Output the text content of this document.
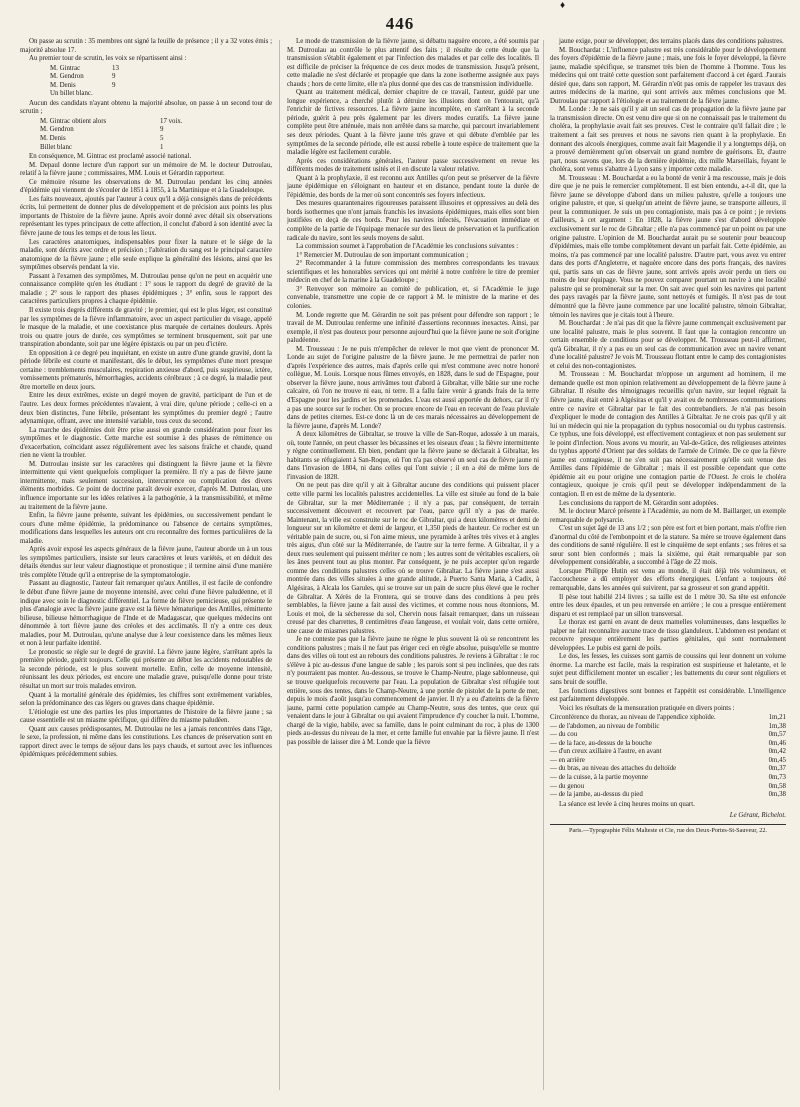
♦
446

On passe au scrutin : 35 membres ont signé la feuille de présence ; il y a 32 votes émis ; majorité absolue 17.

Au premier tour de scrutin, les voix se répartissent ainsi :

M. Gintrac	13
M. Gendron	9
M. Denis	9
Un billet blanc.

Aucun des candidats n'ayant obtenu la majorité absolue, on passe à un second tour de scrutin ;

M. Gintrac obtient alors	17 voix.
M. Gendron	9
M. Denis	5
Billet blanc	1

En conséquence, M. Gintrac est proclamé associé national.

M. Depaul donne lecture d'un rapport sur un mémoire de M. le docteur Dutroulau, relatif à la fièvre jaune ; commissaires, MM. Louis et Gérardin rapporteur.

Ce mémoire résume les observations de M. Dutroulau pendant les cinq années d'épidémie qui viennent de s'écouler de 1851 à 1855, à la Martinique et à la Guadeloupe.

Les faits nouveaux, ajoutés par l'auteur à ceux qu'il a déjà consignés dans de précédents écrits, lui permettent de donner plus de développement et de précision aux points les plus importants de l'histoire de la fièvre jaune. Après avoir donné avec détail six observations représentant les types principaux de cette affection, il conclut d'abord à son identité avec la fièvre jaune de tous les temps et de tous les lieux.

Les caractères anatomiques, indispensables pour fixer la nature et le siége de la maladie, sont décrits avec ordre et précision ; l'altération du sang est le principal caractère anatomique de la fièvre jaune ; elle seule explique la généralité des lésions, ainsi que les symptômes observés pendant la vie.

Passant à l'examen des symptômes, M. Dutroulau pense qu'on ne peut en acquérir une connaissance complète qu'en les étudiant : 1° sous le rapport du degré de gravité de la maladie ; 2° sous le rapport des phases épidémiques ; 3° enfin, sous le rapport des caractères particuliers propres à chaque épidémie.

Il existe trois degrés différents de gravité ; le premier, qui est le plus léger, est constitué par les symptômes de la fièvre inflammatoire, avec un aspect particulier du visage, appelé le masque de la maladie, et une coexistance plus marquée de certaines douleurs. Après trois ou quatre jours de durée, ces symptômes se terminent brusquement, soit par une transpiration abondante, soit par une légère épistaxis ou par un peu d'ictère.

En opposition à ce degré peu inquiétant, en existe un autre d'une grande gravité, dont la période fébrile est courte et manifestant, dès le début, les symptômes d'une mort presque certaine : tremblements musculaires, respiration anxieuse d'abord, puis suspirieuse, ictère, vomissements prématurés, hémorrhagies, accidents cérébraux ; à ce degré, la maladie peut être mortelle en deux jours.

Entre les deux extrêmes, existe un degré moyen de gravité, participant de l'un et de l'autre. Les deux formes précédentes n'avaient, à vrai dire, qu'une période ; celle-ci en a deux bien distinctes, l'une fébrile, présentant les symptômes du premier degré ; l'autre adynamique, offrant, avec une intensité variable, tous ceux du second.

La marche des épidémies doit être prise aussi en grande considération pour fixer les symptômes et le diagnostic. Cette marche est soumise à des phases de rémittence ou d'exacerbation, coïncidant assez régulièrement avec les saisons fraîche et chaude, quand rien ne vient la troubler.

M. Dutroulau insiste sur les caractères qui distinguent la fièvre jaune et la fièvre intermittente qui vient quelquefois compliquer la première. Il n'y a pas de fièvre jaune intermittente, mais seulement succession, intercurrence ou complication des divers éléments morbides. Ce point de doctrine paraît devoir exercer, d'après M. Dutroulau, une influence importante sur les idées relatives à la pathogénie, à la transmissibilité, et même au traitement de la fièvre jaune.

Enfin, la fièvre jaune présente, suivant les épidémies, ou successivement pendant le cours d'une même épidémie, la prédominance ou l'absence de certains symptômes, modifications dans lesquelles les auteurs ont cru reconnaître des formes particulières de la maladie.

Après avoir exposé les aspects généraux de la fièvre jaune, l'auteur aborde un à un tous les symptômes particuliers, insiste sur leurs caractères et leurs variétés, et en déduit des détails étendus sur leur valeur diagnostique et pronostique ; il termine ainsi d'une manière très complète l'étude qu'il a entreprise de la symptomatologie.

Passant au diagnostic, l'auteur fait remarquer qu'aux Antilles, il est facile de confondre le début d'une fièvre jaune de moyenne intensité, avec celui d'une fièvre paludéenne, et il indique avec soin le diagnostic différentiel. La forme de fièvre pernicieuse, qui présente le plus d'analogie avec la fièvre jaune grave est la fièvre hématurique des Antilles, rémittente bilieuse, bilieuse hémorrhagique de l'Inde et de Madagascar, que quelques médecins ont dénommée à tort fièvre jaune des créoles et des acclimatés. Il n'y a entre ces deux maladies, pour M. Dutroulau, qu'une analyse due à leur coexistence dans les mêmes lieux et non à leur parfaite identité.

Le pronostic se règle sur le degré de gravité. La fièvre jaune légère, s'arrêtant après la première période, guérit toujours. Celle qui présente au début les accidents redoutables de la seconde période, est le plus souvent mortelle. Enfin, celle de moyenne intensité, réunissant les deux périodes, est encore une maladie grave, puisqu'elle donne pour triste résultat un mort sur trois malades environ.

Quant à la mortalité générale des épidémies, les chiffres sont extrêmement variables, selon la prédominance des cas légers ou graves dans chaque épidémie.

L'étiologie est une des parties les plus importantes de l'histoire de la fièvre jaune ; sa cause essentielle est un miasme spécifique, qui diffère du miasme paludéen.

Quant aux causes prédisposantes, M. Dutroulau ne les a jamais rencontrées dans l'âge, le sexe, la profession, ni même dans les constitutions. Les chances de préservation sont en rapport direct avec le temps de séjour dans les pays chauds, et surtout avec les influences épidémiques précédemment subies.

Le mode de transmission de la fièvre jaune, si débattu naguère encore, a été soumis par M. Dutroulau au contrôle le plus attentif des faits ; il résulte de cette étude que la transmission s'établit également et par l'infection des malades et par celle des localités. Il est difficile de préciser la fréquence de ces deux modes de transmission. Jusqu'à présent, cette maladie ne s'est déclarée et propagée que dans la zone isotherme assignée aux pays chauds ; hors de cette limite, elle n'a plus donné que des cas de transmission individuelle.

Quant au traitement médical, dernier chapitre de ce travail, l'auteur, guidé par une longue expérience, a cherché plutôt à détruire les illusions dont on l'entourait, qu'à l'enrichir de fictives ressources. La fièvre jaune incomplète, en s'arrêtant à la seconde période, guérit à peu près également par les divers modes curatifs. La fièvre jaune complète peut être atténuée, mais non arrêtée dans sa marche, qui parcourt invariablement ses deux périodes. Quant à la fièvre jaune très grave et qui débute d'emblée par les symptômes de la seconde période, elle est aussi rebelle à toute espèce de traitement que la maladie légère est facilement curable.

Après ces considérations générales, l'auteur passe successivement en revue les différents modes de traitement usités et il en discute la valeur relative.

Quant à la prophylaxie, il est reconnu aux Antilles qu'on peut se préserver de la fièvre jaune épidémique en s'éloignant en hauteur et en distance, pendant toute la durée de l'épidémie, des bords de la mer où sont concentrés ses foyers infectieux.

Des mesures quarantenaires rigoureuses paraissent illusoires et oppressives au delà des bords isothermes que n'ont jamais franchis les invasions épidémiques, mais elles sont bien justifiées en deçà de ces bords. Pour les navires infectés, l'évacuation immédiate et complète de la partie de l'équipage menacée sur des lieux de préservation et la purification radicale du navire, sont les seuls moyens de salut.

La commission soumet à l'approbation de l'Académie les conclusions suivantes :

1° Remercier M. Dutroulau de son important communication ;

2° Recommander à la future commission des membres correspondants les travaux scientifiques et les honorables services qui ont mérité à notre confrère le titre de premier médecin en chef de la marine à la Guadeloupe ;

3° Renvoyer son mémoire au comité de publication, et, si l'Académie le juge convenable, transmettre une copie de ce rapport à M. le ministre de la marine et des colonies.

M. Londe regrette que M. Gérardin ne soit pas présent pour défendre son rapport ; le travail de M. Dutroulau renferme une infinité d'assertions reconnues inexactes. Ainsi, par exemple, il n'est pas douteux pour personne aujourd'hui que la fièvre jaune ne soit d'origine paludéenne.

M. Trousseau : Je ne puis m'empêcher de relever le mot que vient de prononcer M. Londe au sujet de l'origine palustre de la fièvre jaune. Je me permettrai de parler non d'après l'expérience des autres, mais d'après celle qui m'est commune avec notre honoré collègue, M. Louis. Lorsque nous fûmes envoyés, en 1828, dans le sud de l'Espagne, pour observer la fièvre jaune, nous arrivâmes tout d'abord à Gibraltar, ville bâtie sur une roche calcaire, où l'on ne trouve ni eau, ni terre. Il a fallu faire venir à grands frais de la terre d'Espagne pour les jardins et les promenades. L'eau est aussi apportée du dehors, car il n'y a pas une source sur le rocher. On se procure encore de l'eau en recevant de l'eau pluviale dans de petites citernes. Est-ce donc là un de ces marais nécessaires au développement de la fièvre jaune, d'après M. Londe?

A deux kilomètres de Gibraltar, se trouve la ville de San-Roque, adossée à un marais, où, toute l'année, on peut chasser les bécassines et les oiseaux d'eau ; la fièvre intermittente y règne continuellement. Eh bien, pendant que la fièvre jaune se déclarait à Gibraltar, les habitants se réfugiaient à San-Roque, où l'on n'a pas observé un seul cas de fièvre jaune ni dans l'invasion de 1804, ni dans celles qui l'ont suivie ; il en a été de même lors de l'invasion de 1828.

On ne peut pas dire qu'il y ait à Gibraltar aucune des conditions qui puissent placer cette ville parmi les localités palustres accidentelles. La ville est située au fond de la baie de Gibraltar, sur la mer Méditerranée ; il n'y a pas, par conséquent, de terrain successivement découvert et recouvert par l'eau, parce qu'il n'y a pas de marée. Maintenant, la ville est construite sur le roc de Gibraltar, qui a deux kilomètres et demi de longueur sur un kilomètre et demi de largeur, et 1,350 pieds de hauteur. Ce rocher est un véritable pain de sucre, ou, si l'on aime mieux, une pyramide à arêtes très vives et à angles très aigus, d'un côté sur la Méditerranée, de l'autre sur la terre ferme. A Gibraltar, il y a deux rues seulement qui puissent mériter ce nom ; les autres sont de véritables escaliers, où les ânes peuvent tout au plus monter. Par conséquent, je ne puis accepter qu'on regarde comme des conditions palustres celles où se trouve Gibraltar. La fièvre jaune s'est aussi montrée dans des villes situées à une grande altitude, à Puerto Santa Maria, à Cadix, à Algésiras, à Alcala los Garules, qui se trouve sur un pain de sucre plus élevé que le rocher de Gibraltar. A Xérès de la Frontera, qui se trouve dans des conditions à peu près semblables, la fièvre jaune a fait aussi des victimes, et comme nous nous étonnions, M. Louis et moi, de la sécheresse du sol, Chervin nous faisait remarquer, dans un ruisseau creusé par des charrettes, 8 centimètres d'eau fangeuse, et voulait voir, dans cette ornière, une cause de miasmes palustres.

Je ne conteste pas que la fièvre jaune ne règne le plus souvent là où se rencontrent les conditions palustres ; mais il ne faut pas ériger ceci en règle absolue, puisqu'elle se montre dans des villes où tout est au rebours des conditions palustres. Je reviens à Gibraltar : le roc s'élève à pic au-dessus d'une langue de sable ; les parois sont si peu inclinées, que des rats n'y pourraient pas monter. Au-dessous, se trouve le Champ-Neutre, plage sablonneuse, qui se trouve quelquefois recouverte par l'eau. La population de Gibraltar s'est réfugiée tout entière, sous des tentes, dans le Champ-Neutre, à une portée de pistolet de la porte de mer, depuis le mois d'août jusqu'au commencement de janvier. Il n'y a eu d'atteints de la fièvre jaune, parmi cette population campée au Champ-Neutre, sous des tentes, que ceux qui venaient dans le jour à Gibraltar ou qui avaient l'imprudence d'y coucher la nuit. L'homme, chargé de la vigie, habile, avec sa famille, dans le point culminant du roc, à plus de 1300 pieds au-dessus du niveau de la mer, et cette famille fut envahie par la fièvre jaune. Il n'est pas possible de laisser dire à M. Londe que la fièvre

jaune exige, pour se développer, des terrains placés dans des conditions palustres.

M. Bouchardat : L'influence palustre est très considérable pour le développement des foyers d'épidémie de la fièvre jaune ; mais, une fois le foyer développé, la fièvre jaune, maladie spécifique, se transmet très bien de l'homme à l'homme. Tous les médecins qui ont traité cette question sont parfaitement d'accord à cet égard. J'aurais désiré que, dans son rapport, M. Gérardin n'eût pas omis de rappeler les travaux des autres médecins de la marine, qui sont arrivés aux mêmes conclusions que M. Dutroulau par rapport à l'étiologie et au traitement de la fièvre jaune.

M. Londe : Je ne sais qu'il y ait un seul cas de propagation de la fièvre jaune par la transmission directe. On est venu dire que si on ne connaissait pas le traitement du choléra, la prophylaxie avait fait ses preuves. C'est le contraire qu'il fallait dire ; le traitement a fait ses preuves et nous ne savons rien quant à la prophylaxie. En donnant des alcools énergiques, comme avait fait Magendie il y a longtemps déjà, on a prouvé dernièrement qu'on observait un grand nombre de guérisons. Et, d'autre part, nous savons que, lors de la dernière épidémie, dix mille Marseillais, fuyant le choléra, sont venus s'abattre à Lyon sans y importer cette maladie.

M. Trousseau : M. Bouchardat a eu la bonté de venir à ma rescousse, mais je dois dire que je ne puis le remercier complètement. Il est bien entendu, a-t-il dit, que la fièvre jaune se développe d'abord dans un milieu palustre, qu'elle a toujours une origine palustre, et que, si quelqu'un atteint de fièvre jaune, se transporte ailleurs, il peut la communiquer. Je suis un peu contagioniste, mais pas à ce point ; je reviens d'ailleurs, à cet argument : En 1828, la fièvre jaune s'est d'abord développée exclusivement sur le roc de Gibraltar ; elle n'a pas commencé par un point ou par une origine palustre. L'opinion de M. Bouchardat aurait pu se soutenir pour beaucoup d'épidémies, mais elle tombe complètement devant un parfait fait. Cette épidémie, au moins, n'a pas commencé par une localité palustre. D'autre part, vous avez vu entrer dans des ports d'Angleterre, et naguère encore dans des ports français, des navires qui, partis sans un cas de fièvre jaune, sont arrivés après avoir perdu un tiers ou moins de leur équipage. Vous ne pouvez comparer pourtant un navire à une localité palustre qui se promènerait sur la mer. On sait avec quel soin les navires qui partent des pays ravagés par la fièvre jaune, sont nettoyés et fumigés. Il n'est pas de tout démontré que la fièvre jaune commence par une localité palustre, témoin Gibraltar, témoin les navires que je citais tout à l'heure.

M. Bouchardat : Je n'ai pas dit que la fièvre jaune commençait exclusivement par une localité palustre, mais le plus souvent. Il faut que la contagion rencontre un certain ensemble de conditions pour se développer. M. Trousseau peut-il affirmer, qu'à Gibraltar, il n'y a pas eu un seul cas de communication avec un navire venant d'une localité palustre? Je vois M. Trousseau flottant entre le camp des contagionistes et celui des non-contagionistes.

M. Trousseau : M. Bouchardat m'oppose un argument ad hominem, il me demande quelle est mon opinion relativement au développement de la fièvre jaune à Gibraltar. Il résulte des témoignages recueillis qu'un navire, sur lequel régnait la fièvre jaune, était entré à Algésiras et qu'il y avait eu de nombreuses communications entre ce navire et Gibraltar par le fait des contrebandiers. Je n'ai pas besoin d'expliquer le mode de contagion des Antilles à Gibraltar. Je ne crois pas qu'il y ait lui un médecin qui nie la propagation du typhus nosocomial ou du typhus castrensis. Ce typhus, une fois développé, est effectivement contagieux et non pas seulement sur le point d'infection. Nous avons vu mourir, au Val-de-Grâce, des religieuses atteintes du typhus apporté d'Orient par des soldats de l'armée de Crimée. De ce que la fièvre jaune est contagieuse, il ne s'en suit pas nécessairement qu'elle soit venue des Antilles dans l'épidémie de Gibraltar ; mais il est possible cependant que cette épidémie ait eu pour origine une contagion partie de l'Ouest. Je crois le choléra contagieux, quoique je crois qu'il peut se développer indépendamment de la contagion. Il en est de même de la dysenterie.

Les conclusions du rapport de M. Gérardin sont adoptées.

M. le docteur Marcé présente à l'Académie, au nom de M. Baillarger, un exemple remarquable de polysarcie.

C'est un sujet âgé de 13 ans 1/2 ; son père est fort et bien portant, mais n'offre rien d'anormal du côté de l'embonpoint et de la stature. Sa mère se trouve également dans des conditions de santé régulière. Il est le cinquième de sept enfants ; ses frères et sa sœur sont bien conformés ; mais la sixième, qui était remarquable par son développement considérable, a succombé à l'âge de 22 mois.

Lorsque Philippe Hutin est venu au monde, il était déjà très volumineux, et l'accoucheuse a dû employer des efforts énergiques. L'enfant a toujours été remarquable, dans les années qui suivirent, par sa grosseur et son grand appétit.

Il pèse tout habillé 214 livres ; sa taille est de 1 mètre 30. Sa tête est enfoncée entre les deux épaules, et un peu renversée en arrière ; le cou a presque entièrement disparu et est remplacé par un sillon transversal.

Le thorax est garni en avant de deux mamelles volumineuses, dans lesquelles le palper ne fait reconnaître aucune trace de tissu glanduleux. L'abdomen est pendant et recouvre presque entièrement les parties génitales, qui sont normalement développées. Le pubis est garni de poils.

Le dos, les fesses, les cuisses sont garnis de coussins qui leur donnent un volume énorme. La marche est facile, mais la respiration est suspirieuse et haletante, et le sujet peut difficilement monter un escalier ; les battements du cœur sont réguliers et sans bruit de souffle.

Les fonctions digestives sont bonnes et l'appétit est considérable. L'intelligence est parfaitement développée.

Voici les résultats de la mensuration pratiquée en divers points :

Circonférence du thorax, au niveau de l'appendice xiphoïde.	1m,21
— de l'abdomen, au niveau de l'ombilic	1m,38
— du cou	0m,57
— de la face, au-dessus de la bouche	0m,46
— d'un creux axillaire à l'autre, en avant	0m,42
— en arrière	0m,45
— du bras, au niveau des attaches du deltoïde	0m,37
— de la cuisse, à la partie moyenne	0m,73
— du genou	0m,58
— de la jambe, au-dessus du pied	0m,38

La séance est levée à cinq heures moins un quart.

Le Gérant, Richelot.
Paris.—Typographie Félix Malteste et Cie, rue des Deux-Portes-St-Sauveur, 22.
